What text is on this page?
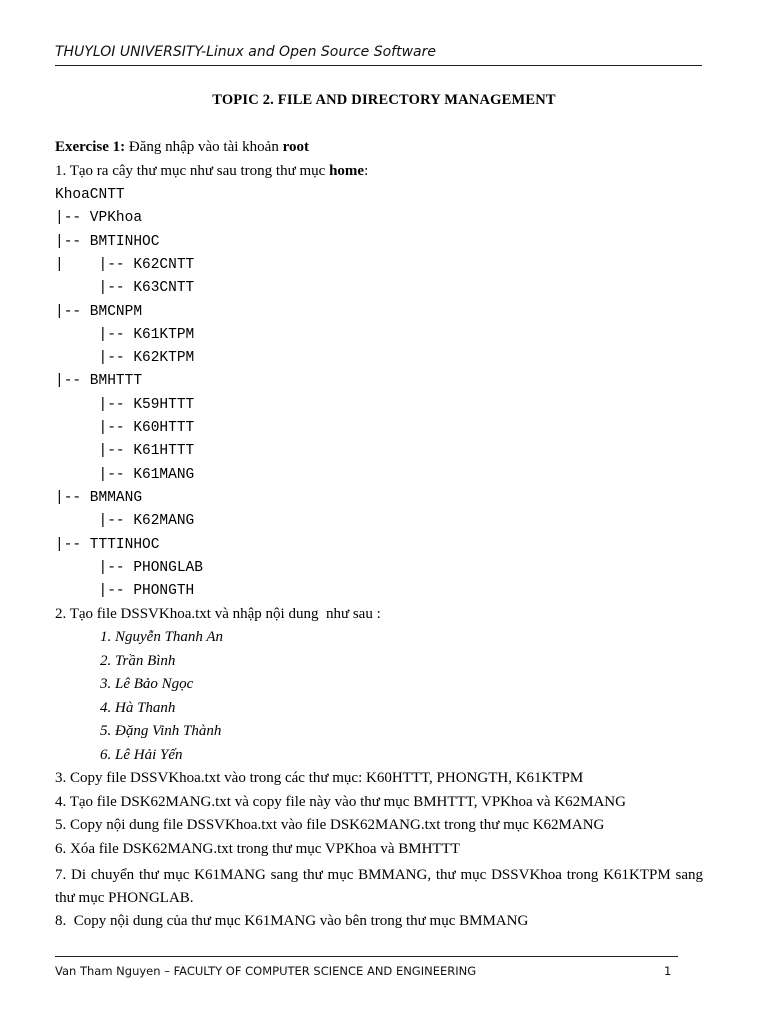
THUYLOI UNIVERSITY-Linux and Open Source Software
TOPIC 2. FILE AND DIRECTORY MANAGEMENT
Exercise 1: Đăng nhập vào tài khoản root
1. Tạo ra cây thư mục như sau trong thư mục home:
KhoaCNTT
|-- VPKhoa
|-- BMTINHOC
|    |-- K62CNTT
|-- K63CNTT
|-- BMCNPM
|-- K61KTPM
|-- K62KTPM
|-- BMHTTT
|-- K59HTTT
|-- K60HTTT
|-- K61HTTT
|-- K61MANG
|-- BMMANG
|-- K62MANG
|-- TTTINHOC
|-- PHONGLAB
|-- PHONGTH
2. Tạo file DSSVKhoa.txt và nhập nội dung  như sau :
1. Nguyễn Thanh An
2. Trần Bình
3. Lê Bảo Ngọc
4. Hà Thanh
5. Đặng Vinh Thành
6. Lê Hải Yến
3. Copy file DSSVKhoa.txt vào trong các thư mục: K60HTTT, PHONGTH, K61KTPM
4. Tạo file DSK62MANG.txt và copy file này vào thư mục BMHTTT, VPKhoa và K62MANG
5. Copy nội dung file DSSVKhoa.txt vào file DSK62MANG.txt trong thư mục K62MANG
6. Xóa file DSK62MANG.txt trong thư mục VPKhoa và BMHTTT
7. Di chuyển thư mục K61MANG sang thư mục BMMANG, thư mục DSSVKhoa trong K61KTPM sang thư mục PHONGLAB.
8.  Copy nội dung của thư mục K61MANG vào bên trong thư mục BMMANG
Van Tham Nguyen – FACULTY OF COMPUTER SCIENCE AND ENGINEERING	1
